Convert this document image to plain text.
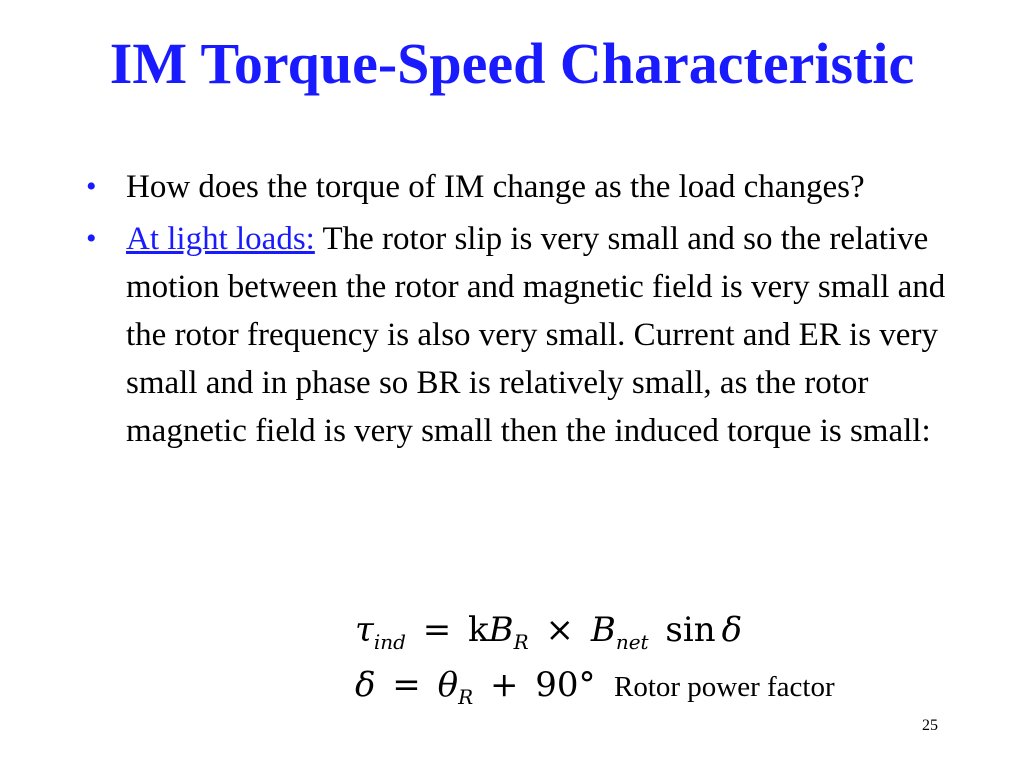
IM Torque-Speed Characteristic
• How does the torque of IM change as the load changes?
• At light loads: The rotor slip is very small and so the relative motion between the rotor and magnetic field is very small and the rotor frequency is also very small. Current and ER is very small and in phase so BR is relatively small, as the rotor magnetic field is very small then the induced torque is small:
$\tau_{ind} = kB_R \times B_{net}$ sin δ
$\delta = \theta_R + 90^\circ$ Rotor power factor
25
